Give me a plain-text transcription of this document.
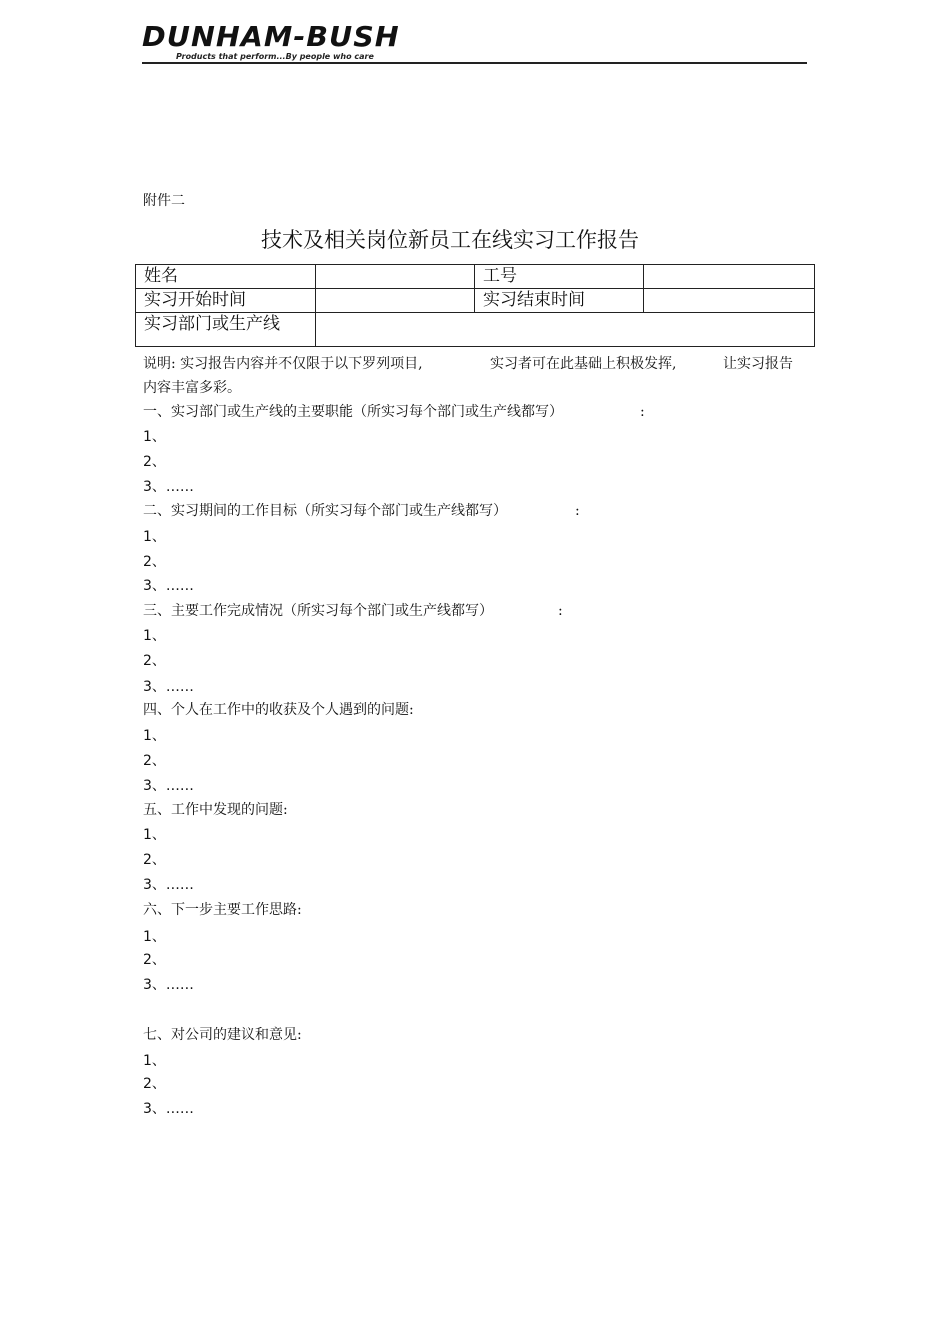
DUNHAM-BUSH
Products that perform...By people who care
附件二
技术及相关岗位新员工在线实习工作报告
姓名		工号	
实习开始时间		实习结束时间	
实习部门或生产线			
说明: 实习报告内容并不仅限于以下罗列项目,	实习者可在此基础上积极发挥,	让实习报告
内容丰富多彩。
一、实习部门或生产线的主要职能（所实习每个部门或生产线都写）	:
1、
2、
3、……
二、实习期间的工作目标（所实习每个部门或生产线都写）	:
1、
2、
3、……
三、主要工作完成情况（所实习每个部门或生产线都写）	:
1、
2、
3、……
四、个人在工作中的收获及个人遇到的问题:
1、
2、
3、……
五、工作中发现的问题:
1、
2、
3、……
六、下一步主要工作思路:
1、
2、
3、……
七、对公司的建议和意见:
1、
2、
3、……
